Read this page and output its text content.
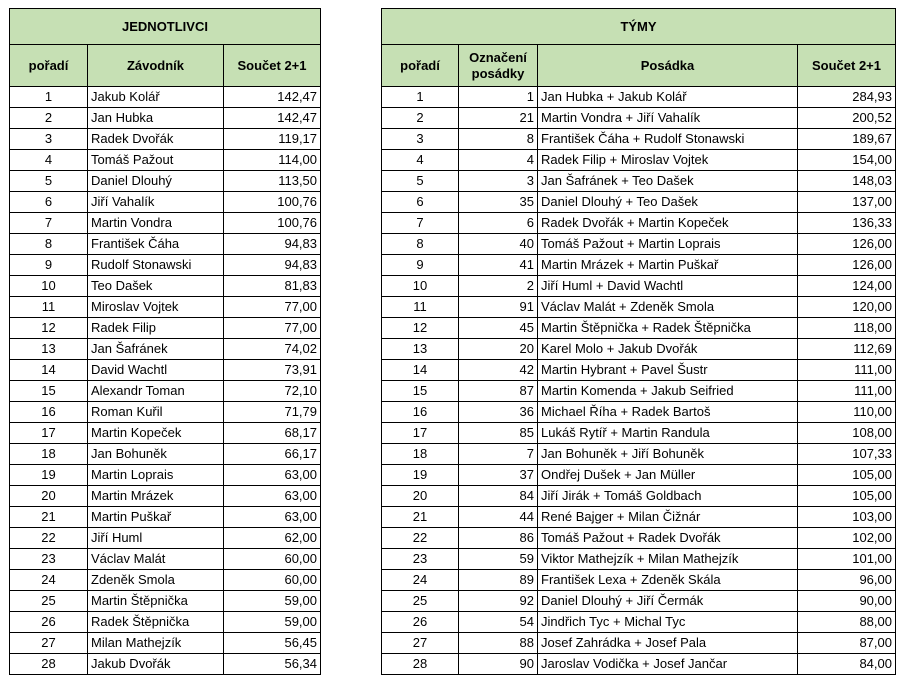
JEDNOTLIVCI		
pořadí	Závodník	Součet 2+1
1	Jakub Kolář	142,47
2	Jan Hubka	142,47
3	Radek Dvořák	119,17
4	Tomáš Pažout	114,00
5	Daniel Dlouhý	113,50
6	Jiří Vahalík	100,76
7	Martin Vondra	100,76
8	František Čáha	94,83
9	Rudolf Stonawski	94,83
10	Teo Dašek	81,83
11	Miroslav Vojtek	77,00
12	Radek Filip	77,00
13	Jan Šafránek	74,02
14	David Wachtl	73,91
15	Alexandr Toman	72,10
16	Roman Kuřil	71,79
17	Martin Kopeček	68,17
18	Jan Bohuněk	66,17
19	Martin Loprais	63,00
20	Martin Mrázek	63,00
21	Martin Puškař	63,00
22	Jiří Huml	62,00
23	Václav Malát	60,00
24	Zdeněk Smola	60,00
25	Martin Štěpnička	59,00
26	Radek Štěpnička	59,00
27	Milan Mathejzík	56,45
28	Jakub Dvořák	56,34
TÝMY			
pořadí	Označení posádky	Posádka	Součet 2+1
1	1	Jan Hubka + Jakub Kolář	284,93
2	21	Martin Vondra + Jiří Vahalík	200,52
3	8	František Čáha + Rudolf Stonawski	189,67
4	4	Radek Filip + Miroslav Vojtek	154,00
5	3	Jan Šafránek + Teo Dašek	148,03
6	35	Daniel Dlouhý + Teo Dašek	137,00
7	6	Radek Dvořák + Martin Kopeček	136,33
8	40	Tomáš Pažout + Martin Loprais	126,00
9	41	Martin Mrázek + Martin Puškař	126,00
10	2	Jiří Huml + David Wachtl	124,00
11	91	Václav Malát + Zdeněk Smola	120,00
12	45	Martin Štěpnička + Radek Štěpnička	118,00
13	20	Karel Molo + Jakub Dvořák	112,69
14	42	Martin Hybrant + Pavel Šustr	111,00
15	87	Martin Komenda + Jakub Seifried	111,00
16	36	Michael Říha + Radek Bartoš	110,00
17	85	Lukáš Rytíř + Martin Randula	108,00
18	7	Jan Bohuněk + Jiří Bohuněk	107,33
19	37	Ondřej Dušek + Jan Müller	105,00
20	84	Jiří Jirák + Tomáš Goldbach	105,00
21	44	René Bajger + Milan Čižnár	103,00
22	86	Tomáš Pažout + Radek Dvořák	102,00
23	59	Viktor Mathejzík + Milan Mathejzík	101,00
24	89	František Lexa + Zdeněk Skála	96,00
25	92	Daniel Dlouhý + Jiří Čermák	90,00
26	54	Jindřich Tyc + Michal Tyc	88,00
27	88	Josef Zahrádka + Josef Pala	87,00
28	90	Jaroslav Vodička + Josef Jančar	84,00
